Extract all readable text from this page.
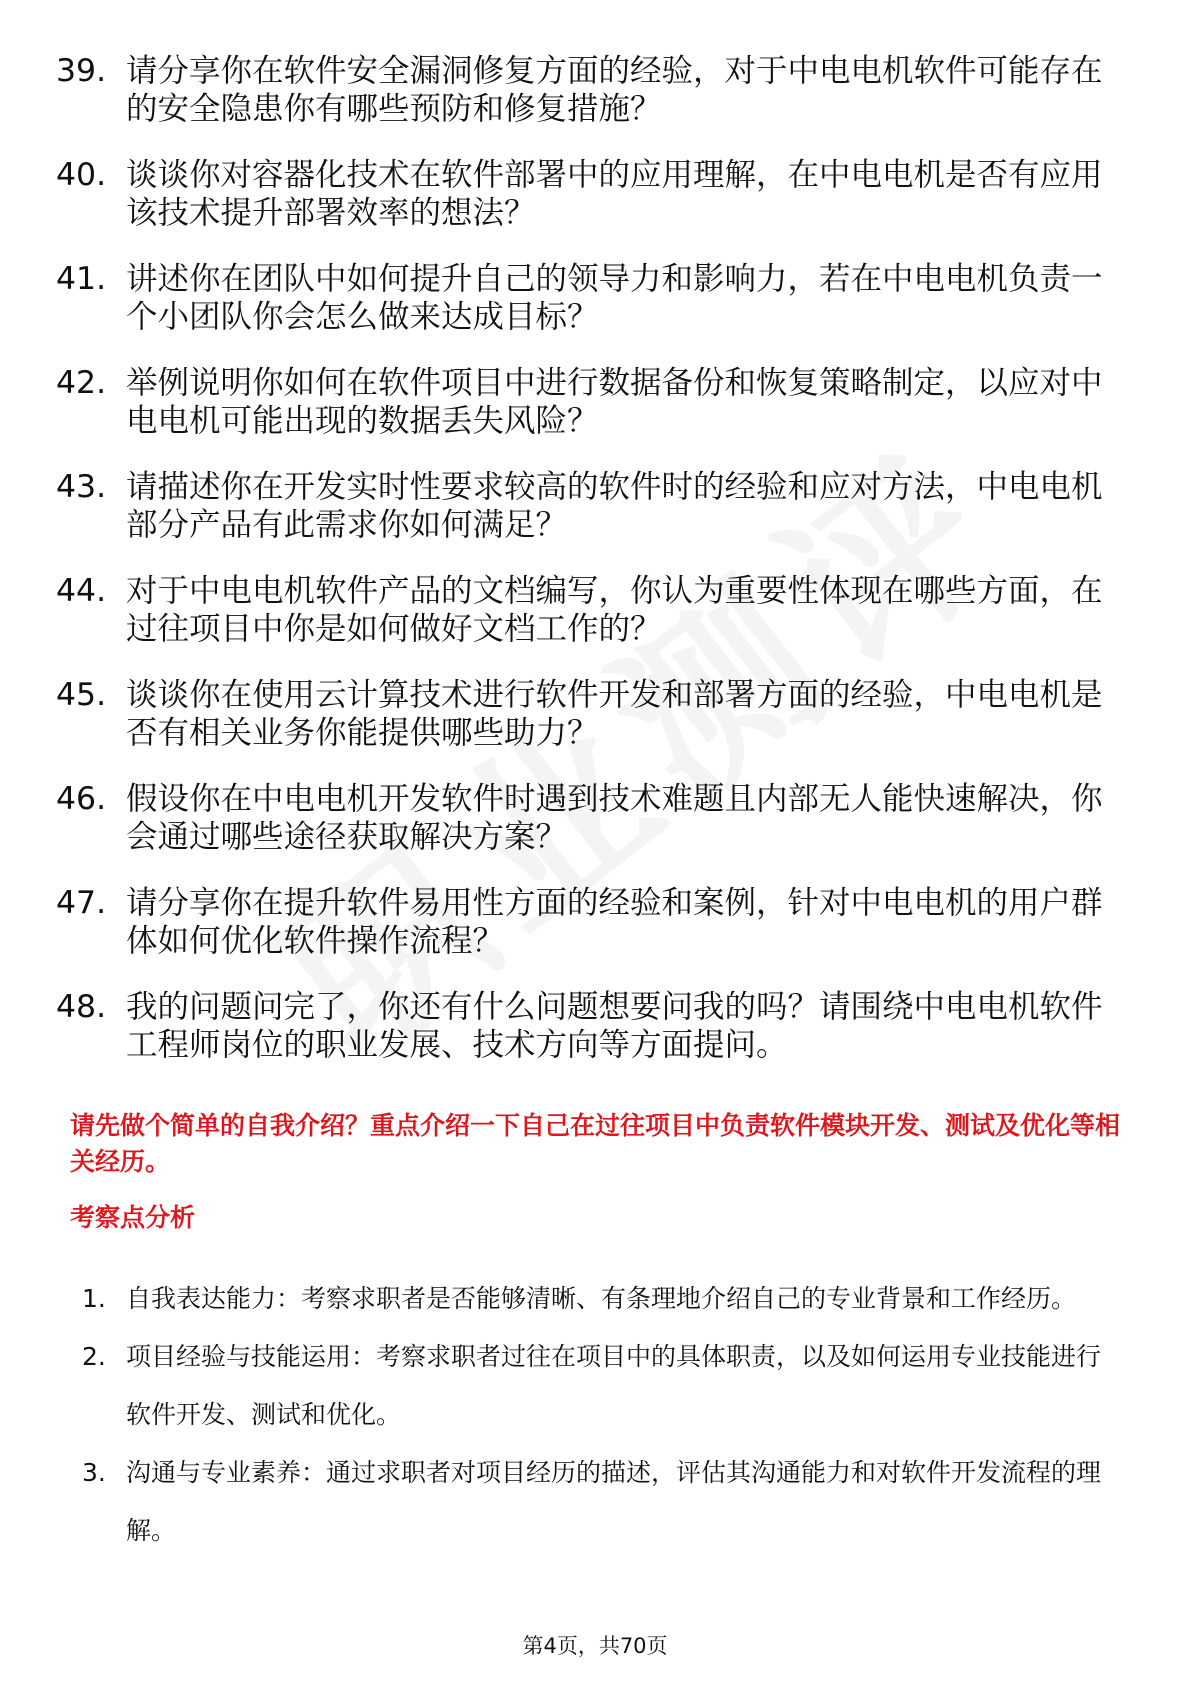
39. 请分享你在软件安全漏洞修复方面的经验，对于中电电机软件可能存在的安全隐患你有哪些预防和修复措施？
40. 谈谈你对容器化技术在软件部署中的应用理解，在中电电机是否有应用该技术提升部署效率的想法？
41. 讲述你在团队中如何提升自己的领导力和影响力，若在中电电机负责一个小团队你会怎么做来达成目标？
42. 举例说明你如何在软件项目中进行数据备份和恢复策略制定，以应对中电电机可能出现的数据丢失风险？
43. 请描述你在开发实时性要求较高的软件时的经验和应对方法，中电电机部分产品有此需求你如何满足？
44. 对于中电电机软件产品的文档编写，你认为重要性体现在哪些方面，在过往项目中你是如何做好文档工作的？
45. 谈谈你在使用云计算技术进行软件开发和部署方面的经验，中电电机是否有相关业务你能提供哪些助力？
46. 假设你在中电电机开发软件时遇到技术难题且内部无人能快速解决，你会通过哪些途径获取解决方案？
47. 请分享你在提升软件易用性方面的经验和案例，针对中电电机的用户群体如何优化软件操作流程？
48. 我的问题问完了，你还有什么问题想要问我的吗？请围绕中电电机软件工程师岗位的职业发展、技术方向等方面提问。

请先做个简单的自我介绍？重点介绍一下自己在过往项目中负责软件模块开发、测试及优化等相关经历。

考察点分析

1. 自我表达能力：考察求职者是否能够清晰、有条理地介绍自己的专业背景和工作经历。
2. 项目经验与技能运用：考察求职者过往在项目中的具体职责，以及如何运用专业技能进行软件开发、测试和优化。
3. 沟通与专业素养：通过求职者对项目经历的描述，评估其沟通能力和对软件开发流程的理解。
第4页，共70页
